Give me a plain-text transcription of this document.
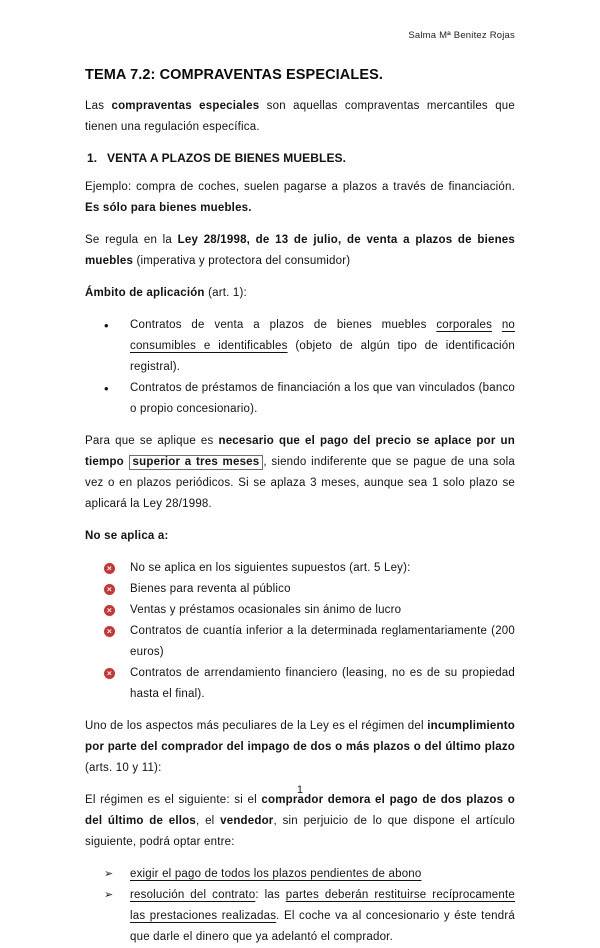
Salma Mª Benitez Rojas
TEMA 7.2: COMPRAVENTAS ESPECIALES.

Las compraventas especiales son aquellas compraventas mercantiles que tienen una regulación específica.

1. VENTA A PLAZOS DE BIENES MUEBLES.

Ejemplo: compra de coches, suelen pagarse a plazos a través de financiación. Es sólo para bienes muebles.

Se regula en la Ley 28/1998, de 13 de julio, de venta a plazos de bienes muebles (imperativa y protectora del consumidor)

Ámbito de aplicación (art. 1):

•	Contratos de venta a plazos de bienes muebles corporales no consumibles e identificables (objeto de algún tipo de identificación registral).
•	Contratos de préstamos de financiación a los que van vinculados (banco o propio concesionario).

Para que se aplique es necesario que el pago del precio se aplace por un tiempo superior a tres meses , siendo indiferente que se pague de una sola vez o en plazos periódicos. Si se aplaza 3 meses, aunque sea 1 solo plazo se aplicará la Ley 28/1998.

No se aplica a:

× No se aplica en los siguientes supuestos (art. 5 Ley):
× Bienes para reventa al público
× Ventas y préstamos ocasionales sin ánimo de lucro
× Contratos de cuantía inferior a la determinada reglamentariamente (200 euros)
× Contratos de arrendamiento financiero (leasing, no es de su propiedad hasta el final).

Uno de los aspectos más peculiares de la Ley es el régimen del incumplimiento por parte del comprador del impago de dos o más plazos o del último plazo (arts. 10 y 11):

El régimen es el siguiente: si el comprador demora el pago de dos plazos o del último de ellos, el vendedor, sin perjuicio de lo que dispone el artículo siguiente, podrá optar entre:

➢	exigir el pago de todos los plazos pendientes de abono
➢	resolución del contrato: las partes deberán restituirse recíprocamente las prestaciones realizadas. El coche va al concesionario y éste tendrá que darle el dinero que ya adelantó el comprador.
1
